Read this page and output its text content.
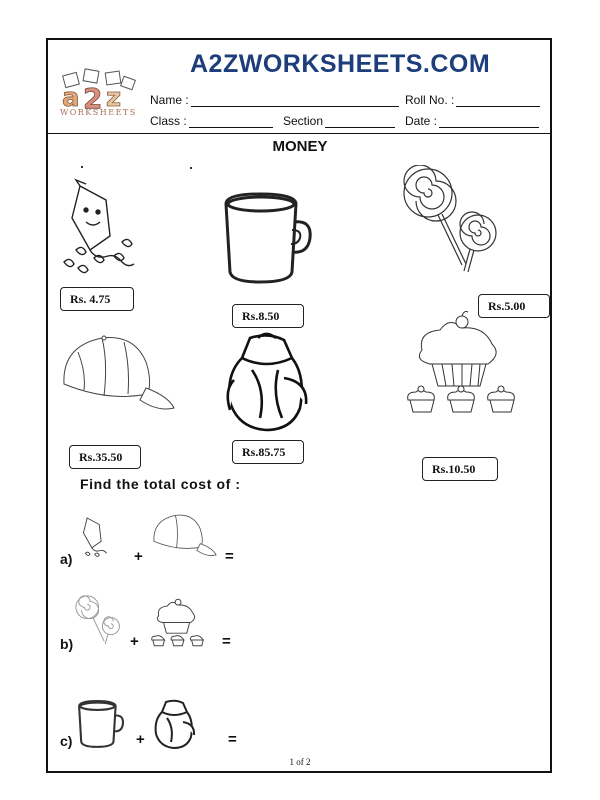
a 2 z
WORKSHEETS
A2ZWORKSHEETS.COM
Name :	Roll No. :
Class :	Section	Date :
MONEY
Rs. 4.75
Rs.8.50
Rs.5.00
Rs.35.50	Rs.85.75
Rs.10.50
Find the total cost of :
a)	+	=
b)	+	=
c)	+	=
1 of 2
